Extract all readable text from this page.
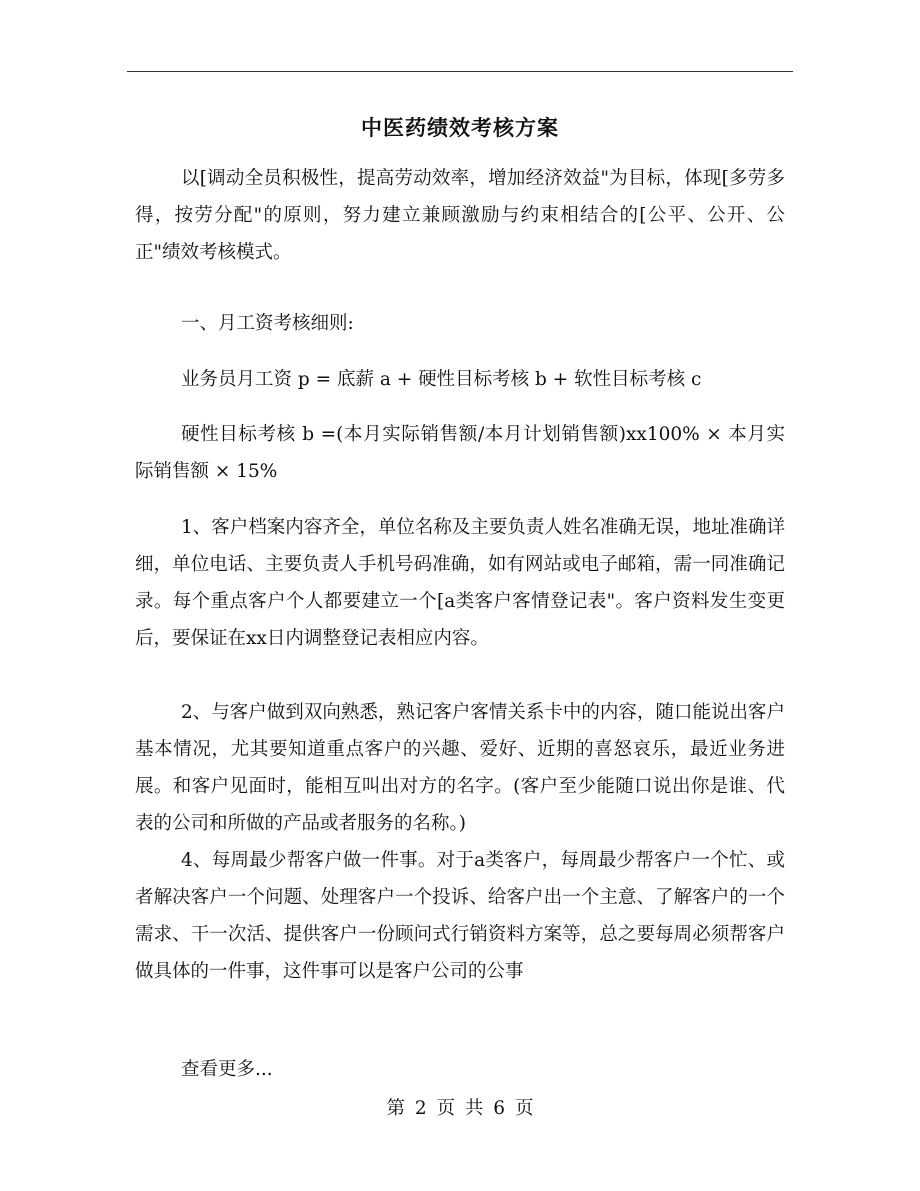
中医药绩效考核方案

以[调动全员积极性，提高劳动效率，增加经济效益"为目标，体现[多劳多得，按劳分配"的原则，努力建立兼顾激励与约束相结合的[公平、公开、公正"绩效考核模式。

一、月工资考核细则:

业务员月工资 p = 底薪 a + 硬性目标考核 b + 软性目标考核 c

硬性目标考核 b =(本月实际销售额/本月计划销售额)xx100% × 本月实际销售额 × 15%

1、客户档案内容齐全，单位名称及主要负责人姓名准确无误，地址准确详细，单位电话、主要负责人手机号码准确，如有网站或电子邮箱，需一同准确记录。每个重点客户个人都要建立一个[a类客户客情登记表"。客户资料发生变更后，要保证在xx日内调整登记表相应内容。

2、与客户做到双向熟悉，熟记客户客情关系卡中的内容，随口能说出客户基本情况，尤其要知道重点客户的兴趣、爱好、近期的喜怒哀乐，最近业务进展。和客户见面时，能相互叫出对方的名字。(客户至少能随口说出你是谁、代表的公司和所做的产品或者服务的名称。)

4、每周最少帮客户做一件事。对于a类客户，每周最少帮客户一个忙、或者解决客户一个问题、处理客户一个投诉、给客户出一个主意、了解客户的一个需求、干一次活、提供客户一份顾问式行销资料方案等，总之要每周必须帮客户做具体的一件事，这件事可以是客户公司的公事

查看更多...

第 2 页 共 6 页
